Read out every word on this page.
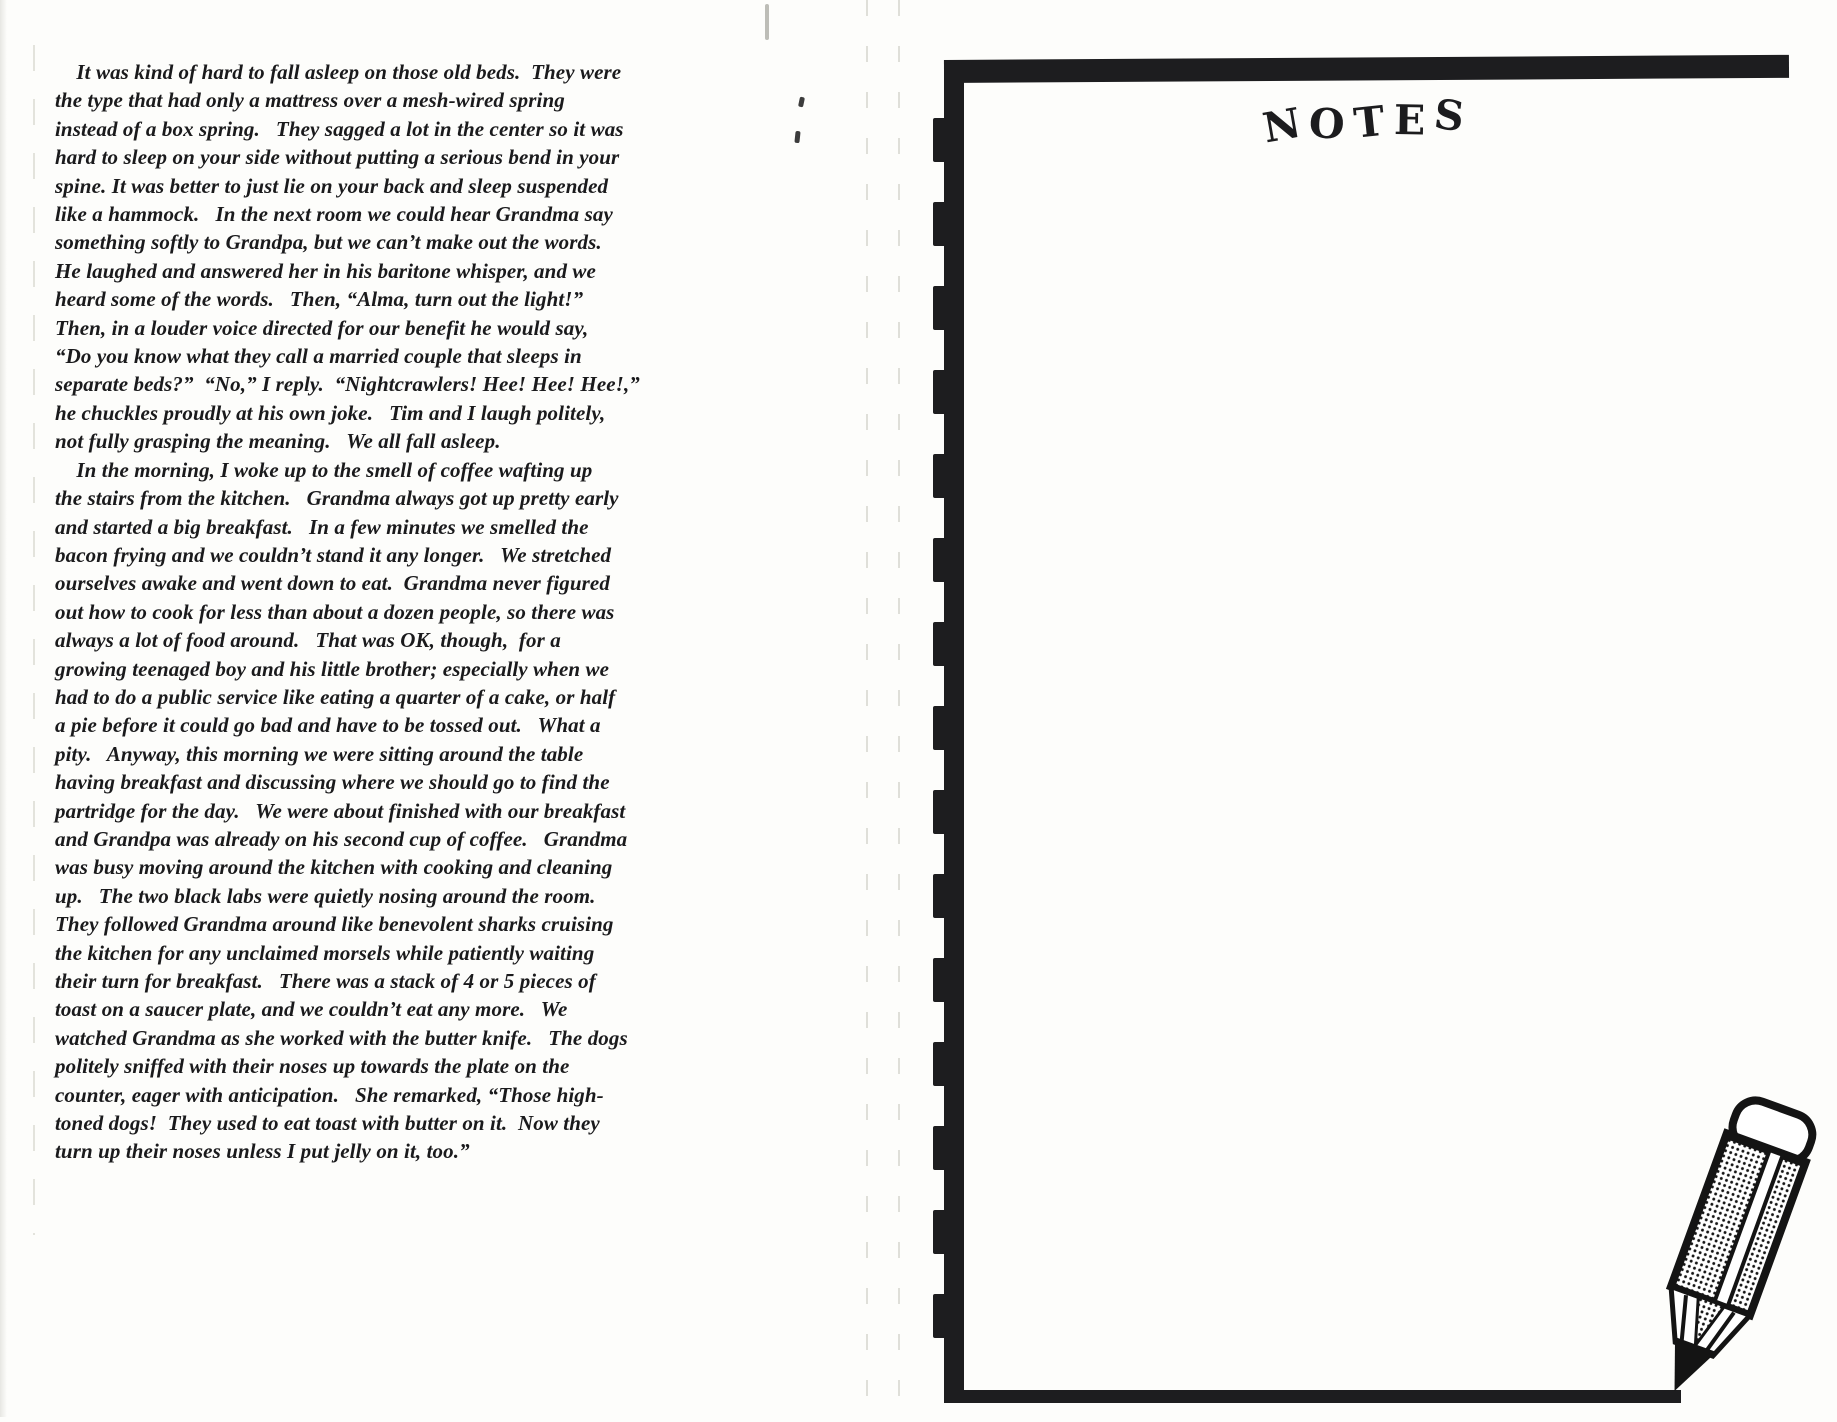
It was kind of hard to fall asleep on those old beds.  They were
the type that had only a mattress over a mesh-wired spring
instead of a box spring.   They sagged a lot in the center so it was
hard to sleep on your side without putting a serious bend in your
spine. It was better to just lie on your back and sleep suspended
like a hammock.   In the next room we could hear Grandma say
something softly to Grandpa, but we can’t make out the words.
He laughed and answered her in his baritone whisper, and we
heard some of the words.   Then, “Alma, turn out the light!”
Then, in a louder voice directed for our benefit he would say,
“Do you know what they call a married couple that sleeps in
separate beds?”  “No,” I reply.  “Nightcrawlers! Hee! Hee! Hee!,”
he chuckles proudly at his own joke.   Tim and I laugh politely,
not fully grasping the meaning.   We all fall asleep.
In the morning, I woke up to the smell of coffee wafting up
the stairs from the kitchen.   Grandma always got up pretty early
and started a big breakfast.   In a few minutes we smelled the
bacon frying and we couldn’t stand it any longer.   We stretched
ourselves awake and went down to eat.  Grandma never figured
out how to cook for less than about a dozen people, so there was
always a lot of food around.   That was OK, though,  for a
growing teenaged boy and his little brother; especially when we
had to do a public service like eating a quarter of a cake, or half
a pie before it could go bad and have to be tossed out.   What a
pity.   Anyway, this morning we were sitting around the table
having breakfast and discussing where we should go to find the
partridge for the day.   We were about finished with our breakfast
and Grandpa was already on his second cup of coffee.   Grandma
was busy moving around the kitchen with cooking and cleaning
up.   The two black labs were quietly nosing around the room.
They followed Grandma around like benevolent sharks cruising
the kitchen for any unclaimed morsels while patiently waiting
their turn for breakfast.   There was a stack of 4 or 5 pieces of
toast on a saucer plate, and we couldn’t eat any more.   We
watched Grandma as she worked with the butter knife.   The dogs
politely sniffed with their noses up towards the plate on the
counter, eager with anticipation.   She remarked, “Those high-
toned dogs!  They used to eat toast with butter on it.  Now they
turn up their noses unless I put jelly on it, too.”
NOTES
